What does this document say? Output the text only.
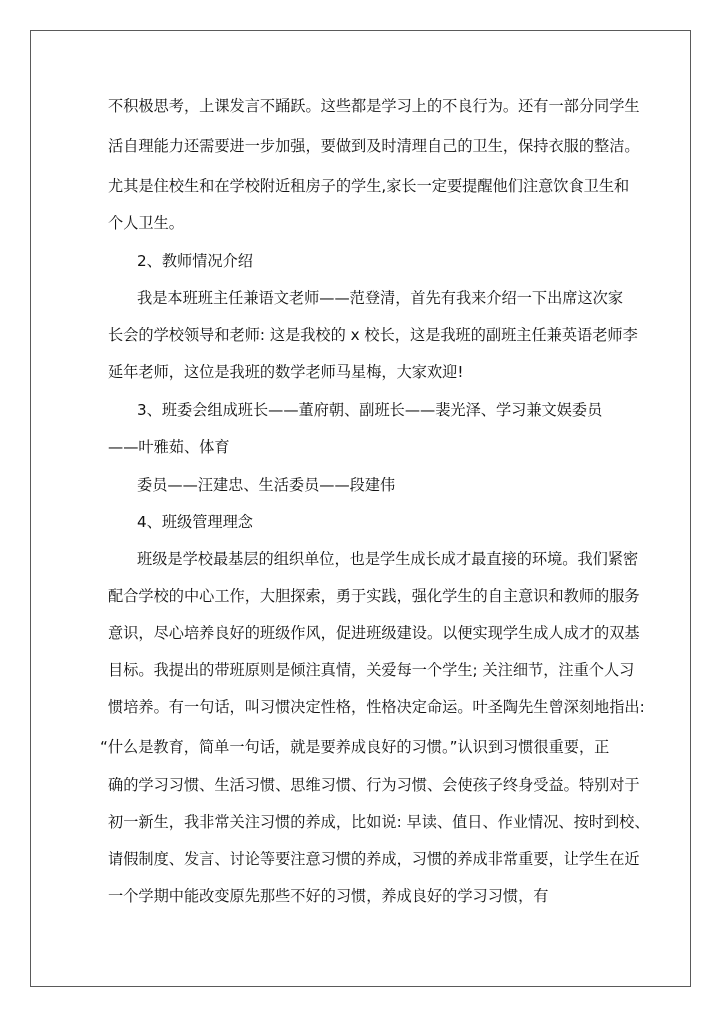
不积极思考，上课发言不踊跃。这些都是学习上的不良行为。还有一部分同学生
活自理能力还需要进一步加强，要做到及时清理自己的卫生，保持衣服的整洁。
尤其是住校生和在学校附近租房子的学生,家长一定要提醒他们注意饮食卫生和
个人卫生。
2、教师情况介绍
我是本班班主任兼语文老师——范登清，首先有我来介绍一下出席这次家
长会的学校领导和老师: 这是我校的 x 校长，这是我班的副班主任兼英语老师李
延年老师，这位是我班的数学老师马星梅，大家欢迎!
3、班委会组成班长——董府朝、副班长——裴光泽、学习兼文娱委员
——叶雅茹、体育
委员——汪建忠、生活委员——段建伟
4、班级管理理念
班级是学校最基层的组织单位，也是学生成长成才最直接的环境。我们紧密
配合学校的中心工作，大胆探索，勇于实践，强化学生的自主意识和教师的服务
意识，尽心培养良好的班级作风，促进班级建设。以便实现学生成人成才的双基
目标。我提出的带班原则是倾注真情，关爱每一个学生; 关注细节，注重个人习
惯培养。有一句话，叫习惯决定性格，性格决定命运。叶圣陶先生曾深刻地指出:
“什么是教育，简单一句话，就是要养成良好的习惯。”认识到习惯很重要，正
确的学习习惯、生活习惯、思维习惯、行为习惯、会使孩子终身受益。特别对于
初一新生，我非常关注习惯的养成，比如说: 早读、值日、作业情况、按时到校、
请假制度、发言、讨论等要注意习惯的养成，习惯的养成非常重要，让学生在近
一个学期中能改变原先那些不好的习惯，养成良好的学习习惯，有
